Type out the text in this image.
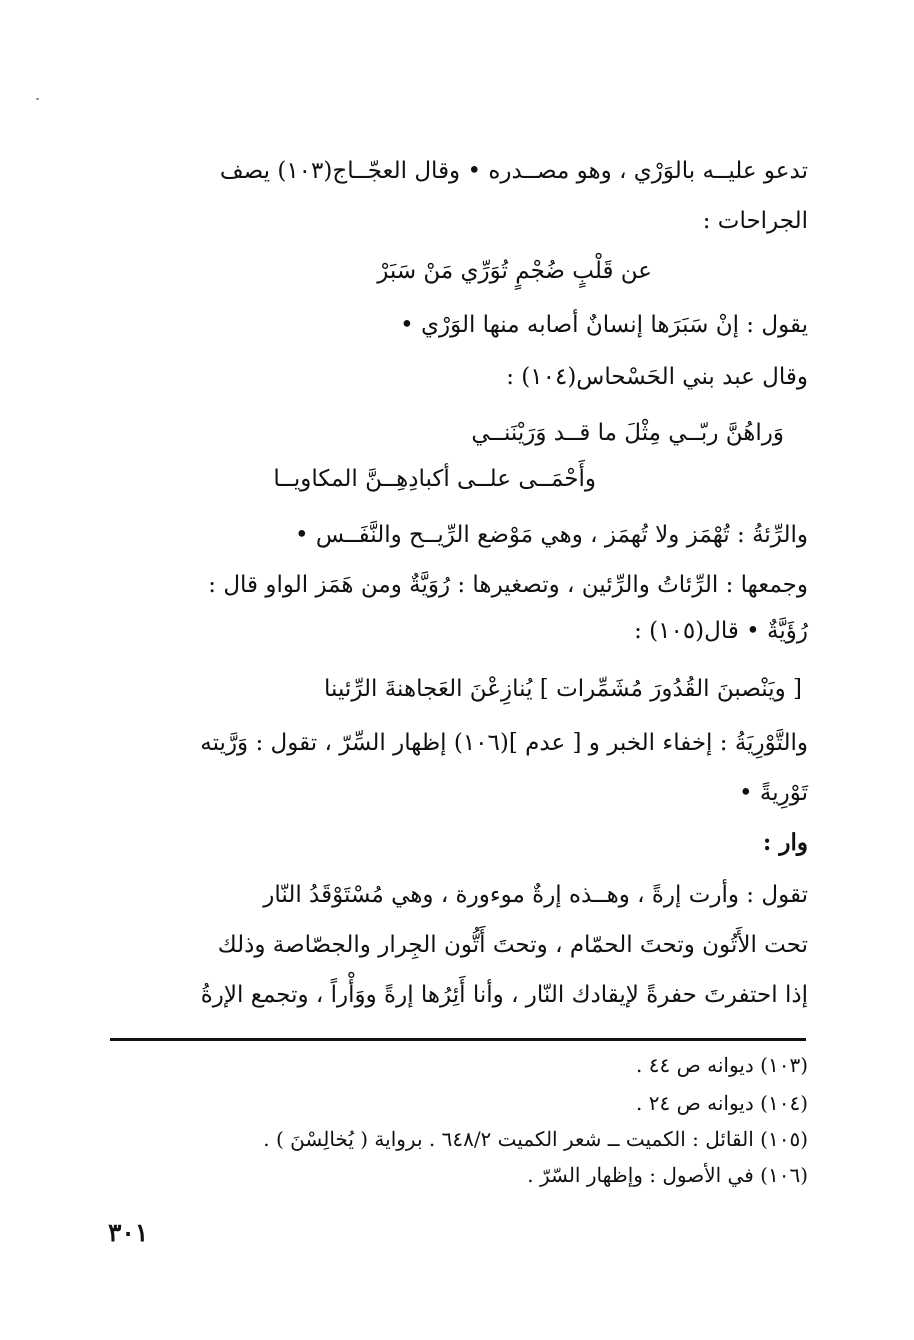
تدعو عليــه بالوَرْي ، وهو مصــدره • وقال العجّــاج(١٠٣) يصف
الجراحات :
عن قَلْبٍ ضُجْمٍ تُوَرِّي مَنْ سَبَرْ
يقول : إنْ سَبَرَها إنسانٌ أصابه منها الوَرْي •
وقال عبد بني الحَسْحاس(١٠٤) :
وَراهُنَّ ربّــي مِثْلَ ما قــد وَرَيْنَنــي
وأَحْمَــى علــى أكبادِهِــنَّ المكاويــا
والرِّئةُ : تُهْمَز ولا تُهمَز ، وهي مَوْضع الرِّيــح والنَّفَــس •
وجمعها : الرِّئاتُ والرِّئين ، وتصغيرها : رُوَيَّةٌ ومن هَمَز الواو قال :
رُؤَيَّةٌ • قال(١٠٥) :
[ ويَنْصبنَ القُدُورَ مُشَمِّرات ] يُنازِعْنَ العَجاهنةَ الرِّئينا
والتَّوْرِيَةُ : إخفاء الخبر و [ عدم ](١٠٦) إظهار السِّرّ ، تقول : وَرَّيته
تَوْرِيةً •
وار :
تقول : وأرت إرةً ، وهــذه إرةٌ موءورة ، وهي مُسْتَوْقَدُ النّار
تحت الأَتُون وتحتَ الحمّام ، وتحتَ أَتُّون الجِرار والجصّاصة وذلك
إذا احتفرتَ حفرةً لإيقادك النّار ، وأنا أَئِرُها إرةً ووَأْراً ، وتجمع الإرةُ
(١٠٣) ديوانه ص ٤٤ .
(١٠٤) ديوانه ص ٢٤ .
(١٠٥) القائل : الكميت ــ شعر الكميت ٦٤٨/٢ . برواية ( يُخالِسْنَ ) .
(١٠٦) في الأصول : وإظهار السّرّ .
٣٠١
